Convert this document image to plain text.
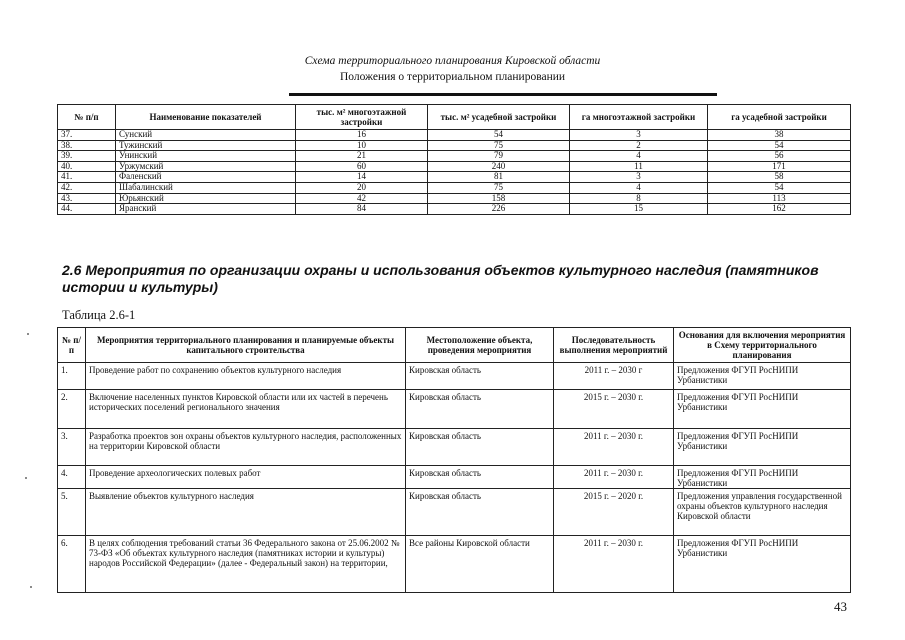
Схема территориального планирования Кировской области
Положения о территориальном планировании
№ п/п	Наименование показателей	тыс. м² многоэтажной застройки	тыс. м² усадебной застройки	га многоэтажной застройки	га усадебной застройки
37.	Сунский	16	54	3	38
38.	Тужинский	10	75	2	54
39.	Унинский	21	79	4	56
40.	Уржумский	60	240	11	171
41.	Фаленский	14	81	3	58
42.	Шабалинский	20	75	4	54
43.	Юрьянский	42	158	8	113
44.	Яранский	84	226	15	162
2.6 Мероприятия по организации охраны и использования объектов культурного наследия (памятников истории и культуры)
Таблица 2.6-1
№ п/п	Мероприятия территориального планирования и планируемые объекты капитального строительства	Местоположение объекта, проведения мероприятия	Последовательность выполнения мероприятий	Основания для включения мероприятия в Схему территориального планирования
1.	Проведение работ по сохранению объектов культурного наследия	Кировская область	2011 г. – 2030 г	Предложения ФГУП РосНИПИ Урбанистики
2.	Включение населенных пунктов Кировской области или их частей в перечень исторических поселений регионального значения	Кировская область	2015 г. – 2030 г.	Предложения ФГУП РосНИПИ Урбанистики
3.	Разработка проектов зон охраны объектов культурного наследия, расположенных на территории Кировской области	Кировская область	2011 г. – 2030 г.	Предложения ФГУП РосНИПИ Урбанистики
4.	Проведение археологических полевых работ	Кировская область	2011 г. – 2030 г.	Предложения ФГУП РосНИПИ Урбанистики
5.	Выявление объектов культурного наследия	Кировская область	2015 г. – 2020 г.	Предложения управления государственной охраны объектов культурного наследия Кировской области
6.	В целях соблюдения требований статьи 36 Федерального закона от 25.06.2002 № 73-ФЗ «Об объектах культурного наследия (памятниках истории и культуры) народов Российской Федерации» (далее - Федеральный закон) на территории,	Все районы Кировской области	2011 г. – 2030 г.	Предложения ФГУП РосНИПИ Урбанистики
43
